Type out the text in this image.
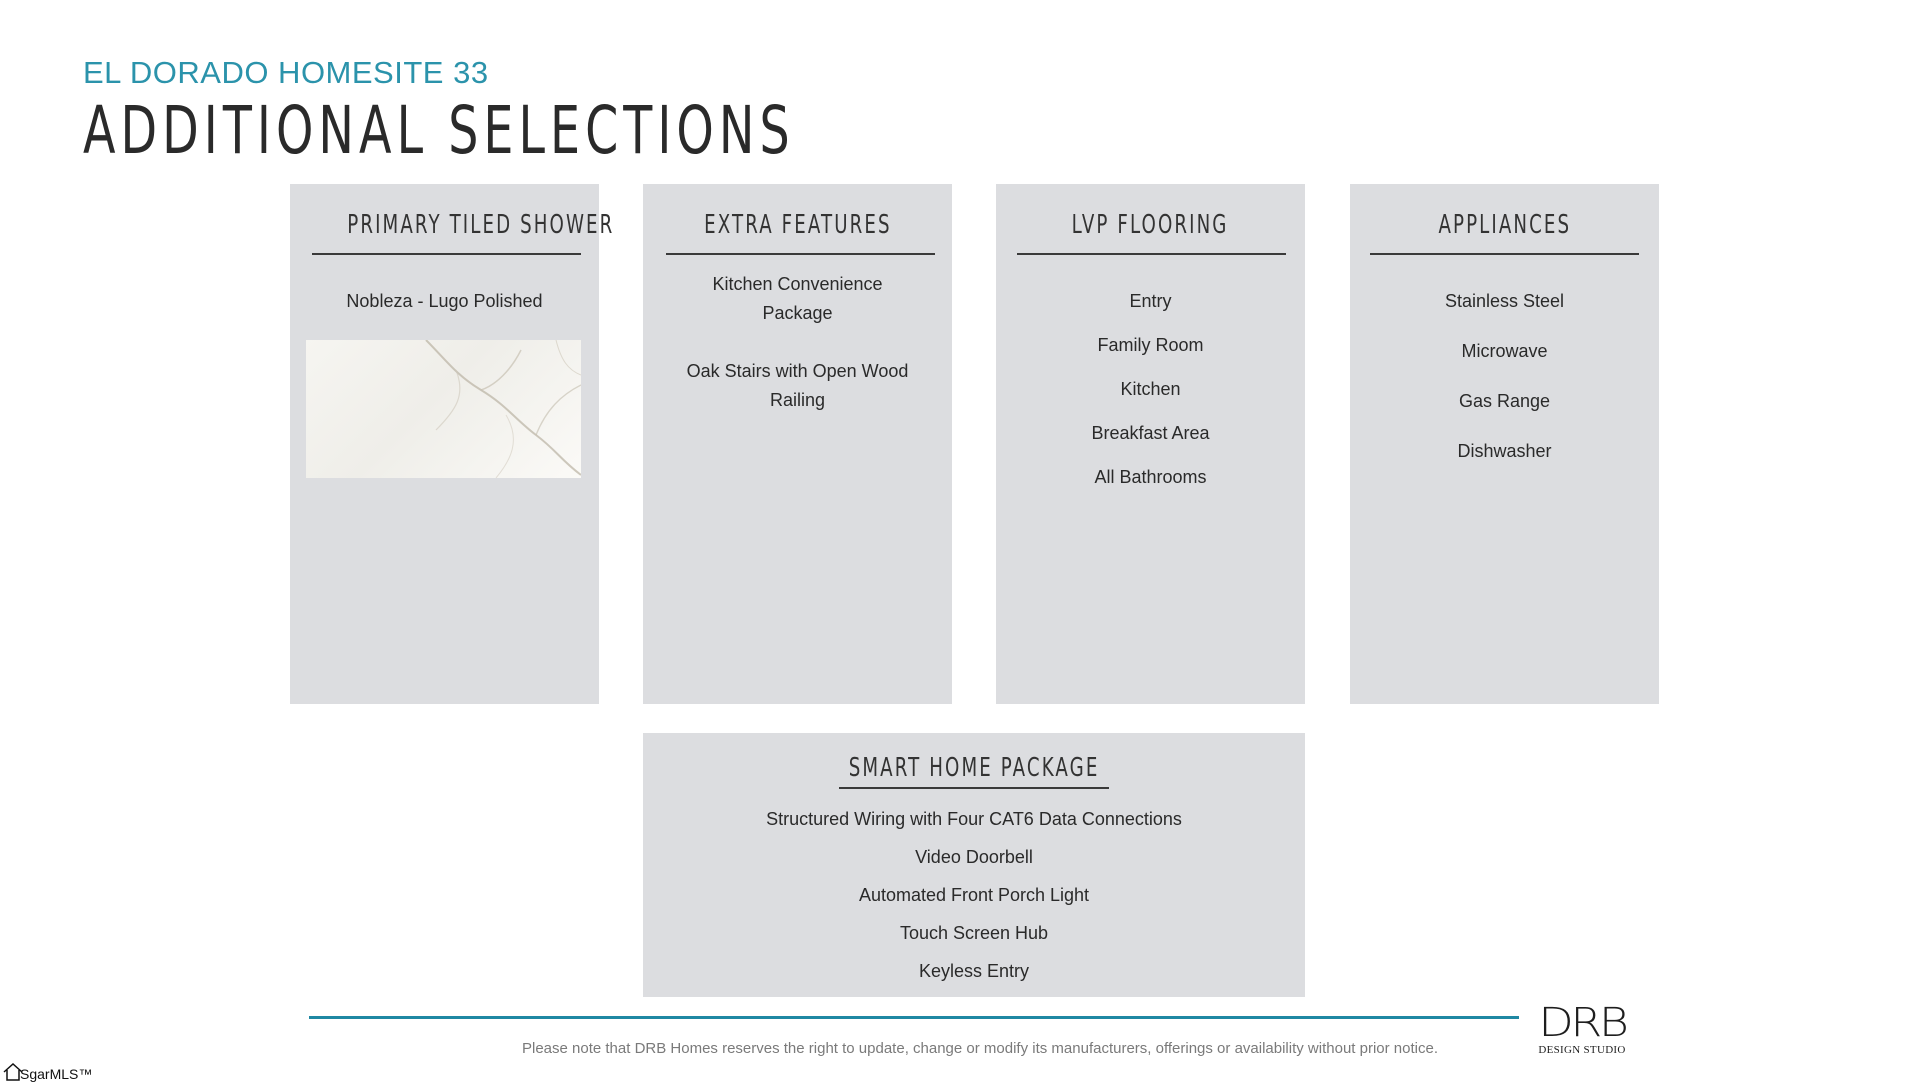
EL DORADO HOMESITE 33
ADDITIONAL SELECTIONS
PRIMARY TILED SHOWER
Nobleza - Lugo Polished
EXTRA FEATURES
Kitchen Convenience Package
Oak Stairs with Open Wood Railing
LVP FLOORING
Entry
Family Room
Kitchen
Breakfast Area
All Bathrooms
APPLIANCES
Stainless Steel
Microwave
Gas Range
Dishwasher
SMART HOME PACKAGE
Structured Wiring with Four CAT6 Data Connections
Video Doorbell
Automated Front Porch Light
Touch Screen Hub
Keyless Entry
Please note that DRB Homes reserves the right to update, change or modify its manufacturers, offerings or availability without prior notice.
DRB
DESIGN STUDIO
SgarMLS™
